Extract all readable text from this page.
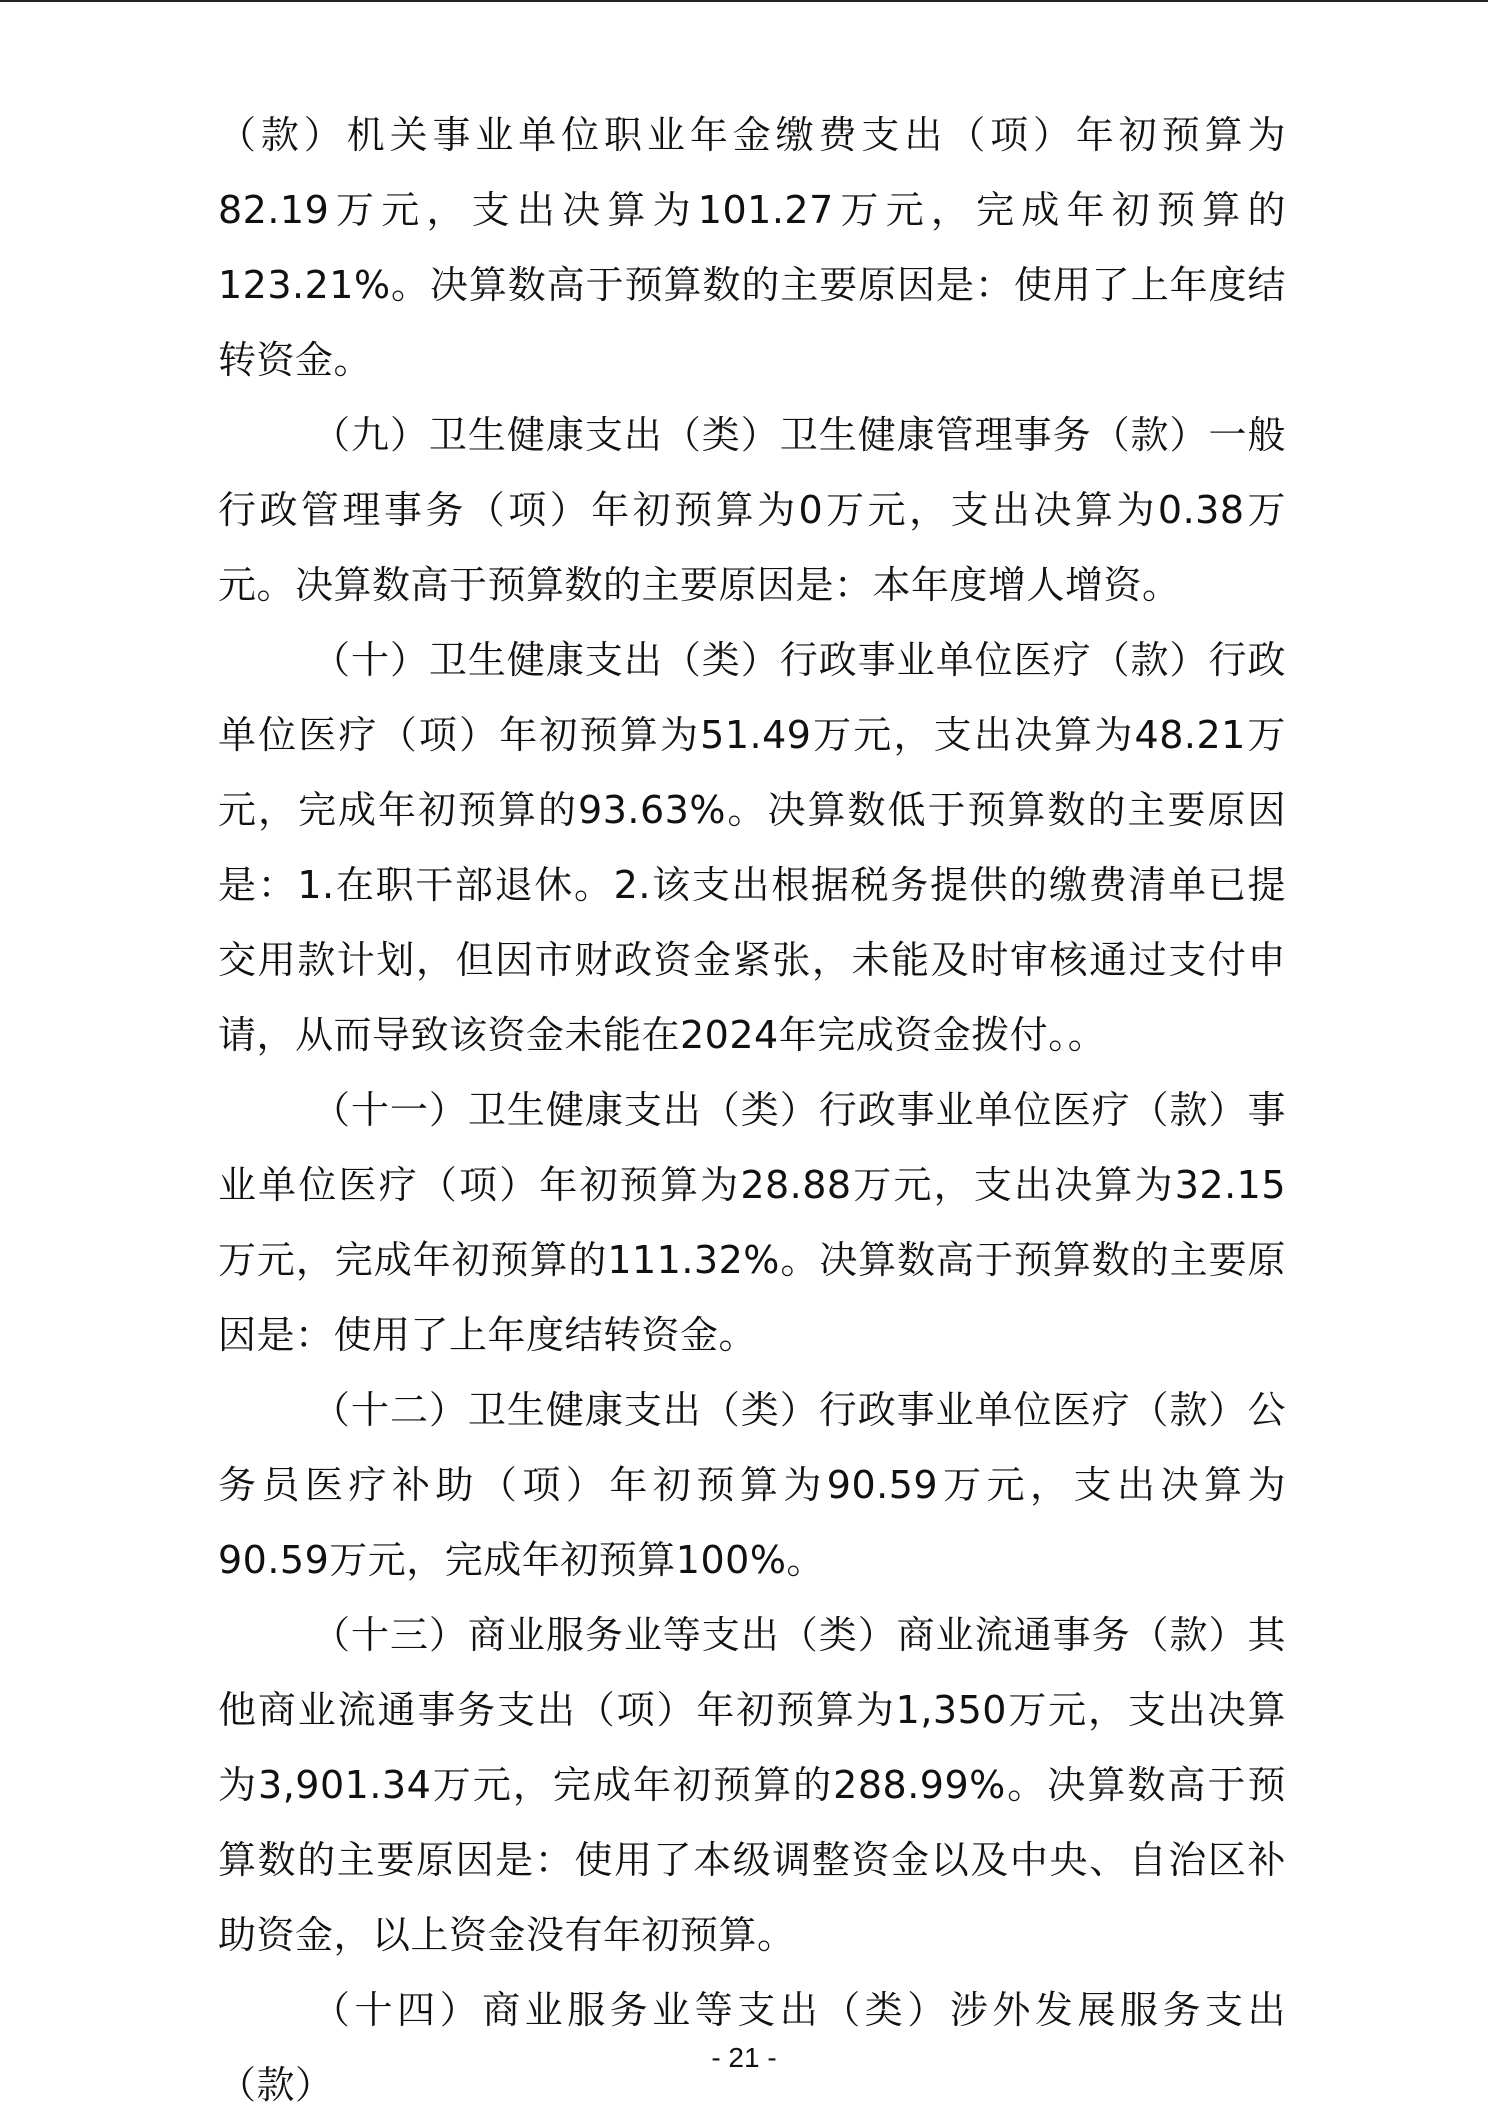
（款）机关事业单位职业年金缴费支出（项）年初预算为82.19万元，支出决算为101.27万元，完成年初预算的123.21%。决算数高于预算数的主要原因是：使用了上年度结转资金。

（九）卫生健康支出（类）卫生健康管理事务（款）一般行政管理事务（项）年初预算为0万元，支出决算为0.38万元。决算数高于预算数的主要原因是：本年度增人增资。

（十）卫生健康支出（类）行政事业单位医疗（款）行政单位医疗（项）年初预算为51.49万元，支出决算为48.21万元，完成年初预算的93.63%。决算数低于预算数的主要原因是：1.在职干部退休。2.该支出根据税务提供的缴费清单已提交用款计划，但因市财政资金紧张，未能及时审核通过支付申请，从而导致该资金未能在2024年完成资金拨付。。

（十一）卫生健康支出（类）行政事业单位医疗（款）事业单位医疗（项）年初预算为28.88万元，支出决算为32.15万元，完成年初预算的111.32%。决算数高于预算数的主要原因是：使用了上年度结转资金。

（十二）卫生健康支出（类）行政事业单位医疗（款）公务员医疗补助（项）年初预算为90.59万元，支出决算为90.59万元，完成年初预算100%。

（十三）商业服务业等支出（类）商业流通事务（款）其他商业流通事务支出（项）年初预算为1,350万元，支出决算为3,901.34万元，完成年初预算的288.99%。决算数高于预算数的主要原因是：使用了本级调整资金以及中央、自治区补助资金，以上资金没有年初预算。

（十四）商业服务业等支出（类）涉外发展服务支出（款）

- 21 -
